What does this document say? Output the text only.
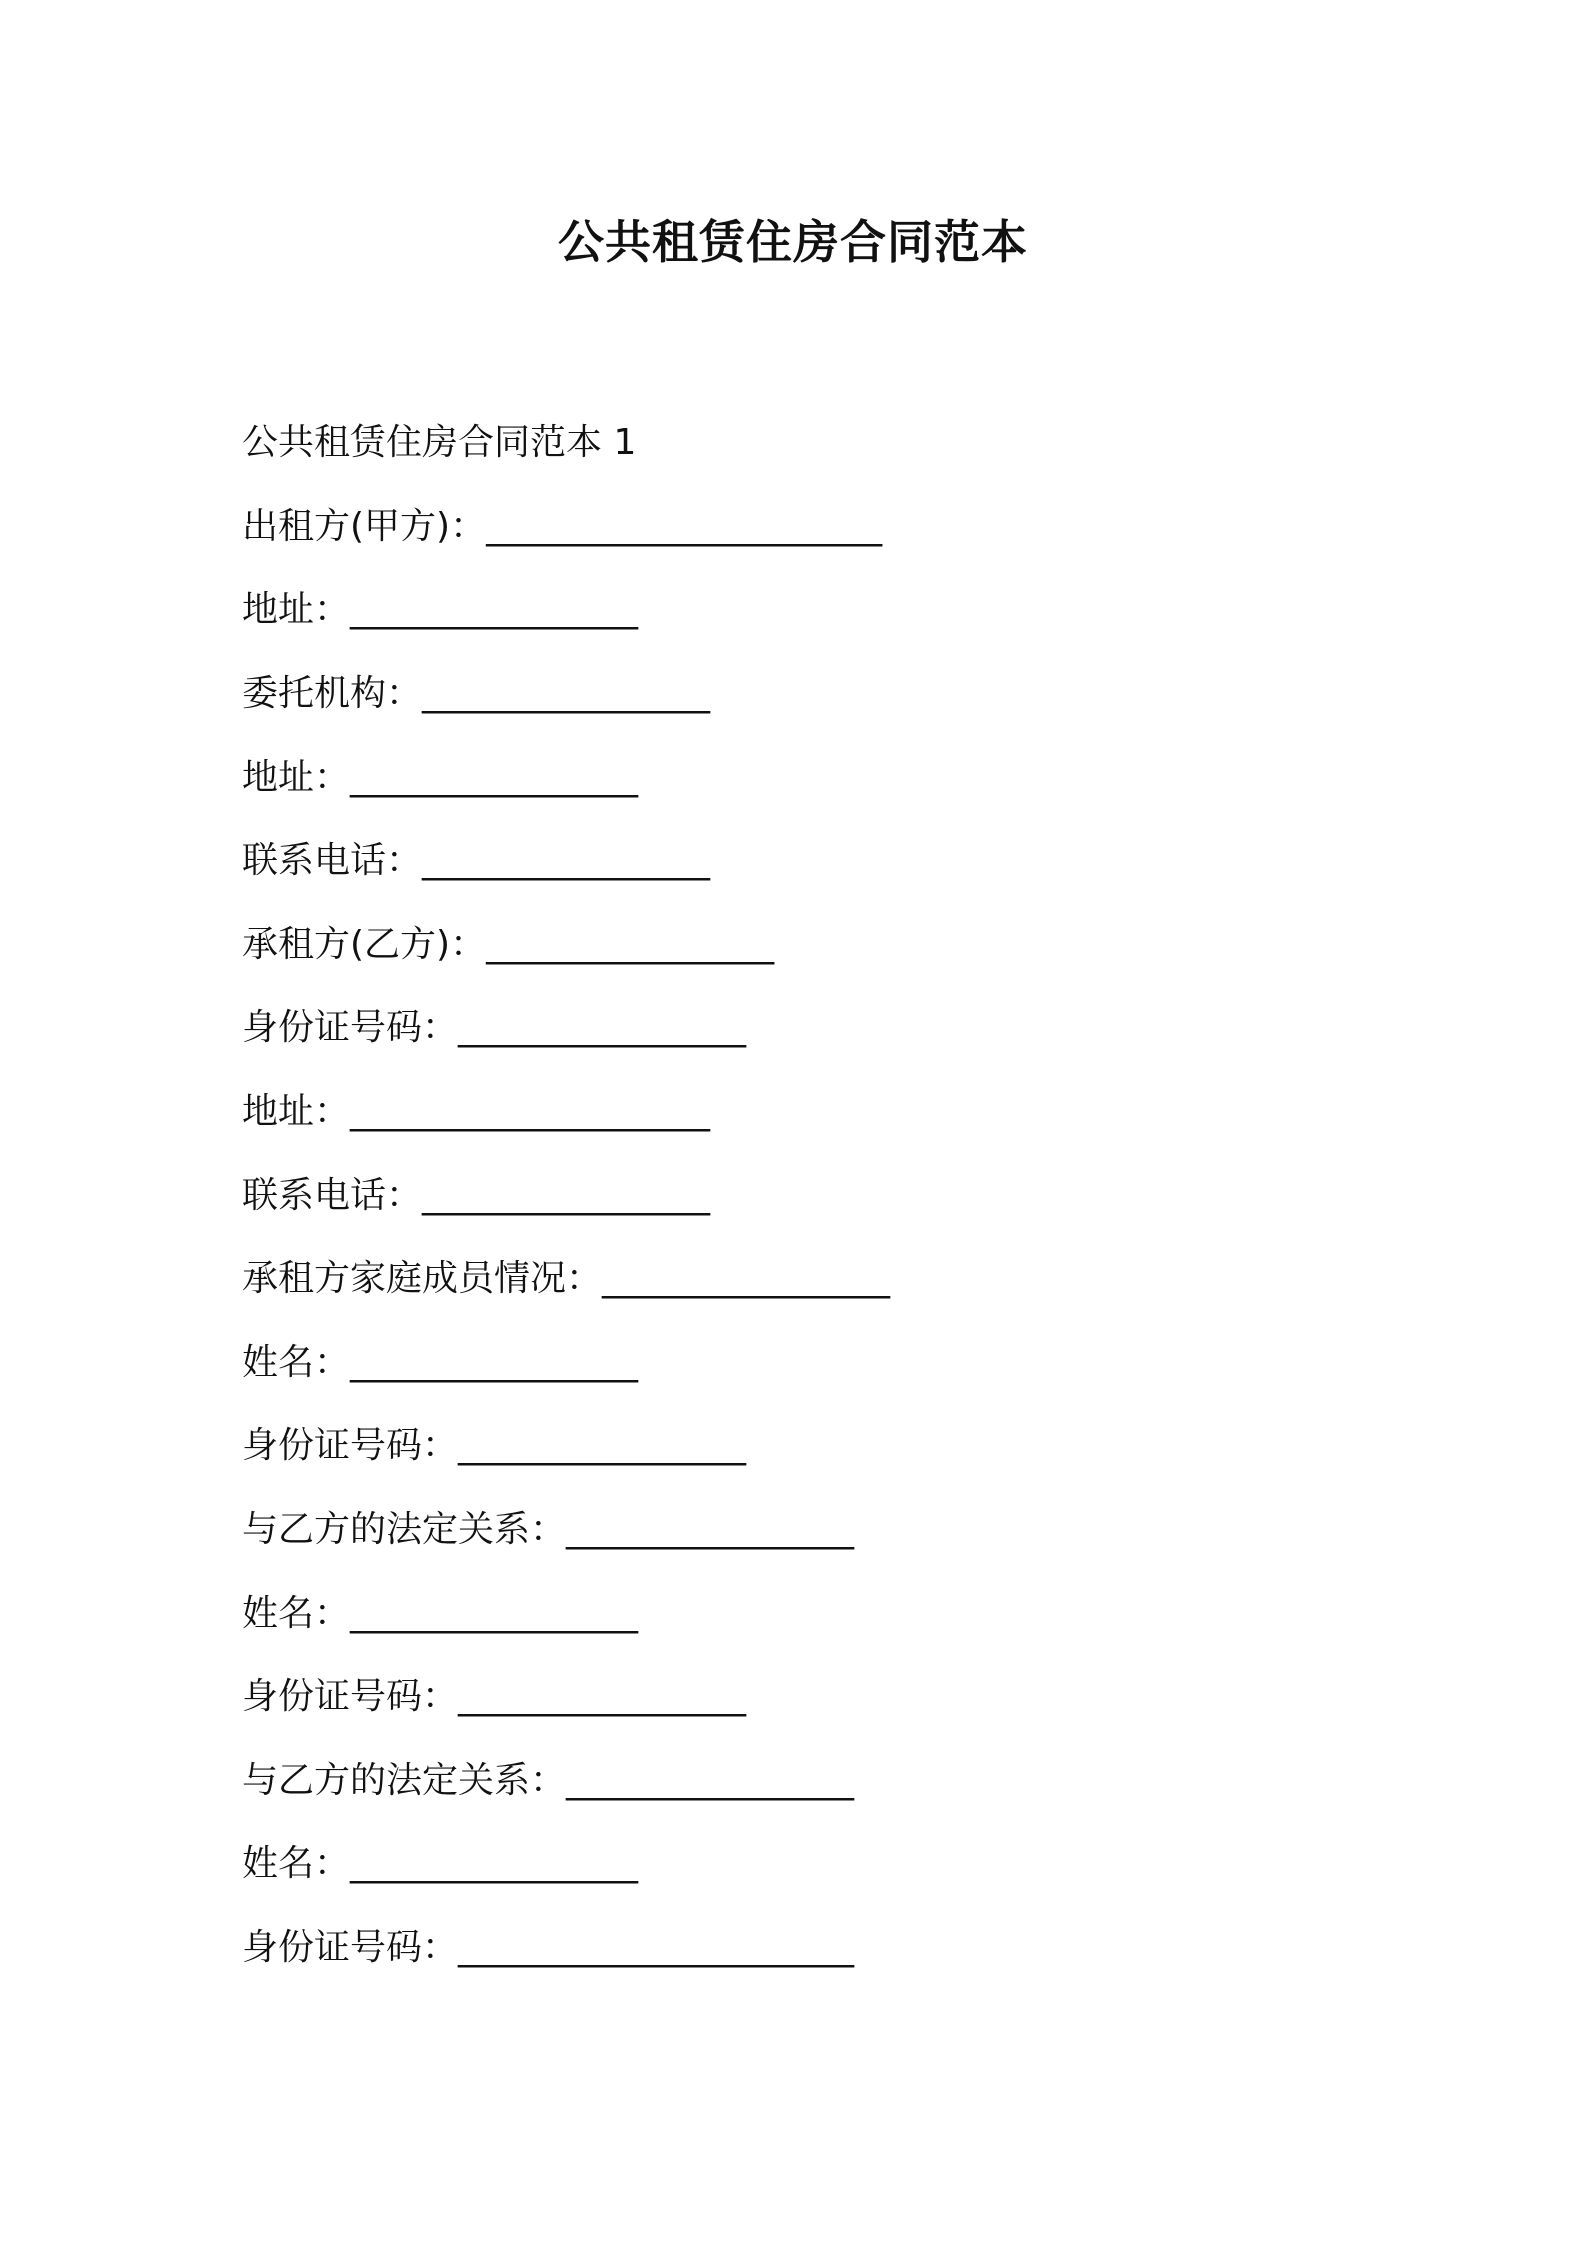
公共租赁住房合同范本
公共租赁住房合同范本 1
出租方(甲方)：______________________
地址：________________
委托机构：________________
地址：________________
联系电话：________________
承租方(乙方)：________________
身份证号码：________________
地址：____________________
联系电话：________________
承租方家庭成员情况：________________
姓名：________________
身份证号码：________________
与乙方的法定关系：________________
姓名：________________
身份证号码：________________
与乙方的法定关系：________________
姓名：________________
身份证号码：______________________
